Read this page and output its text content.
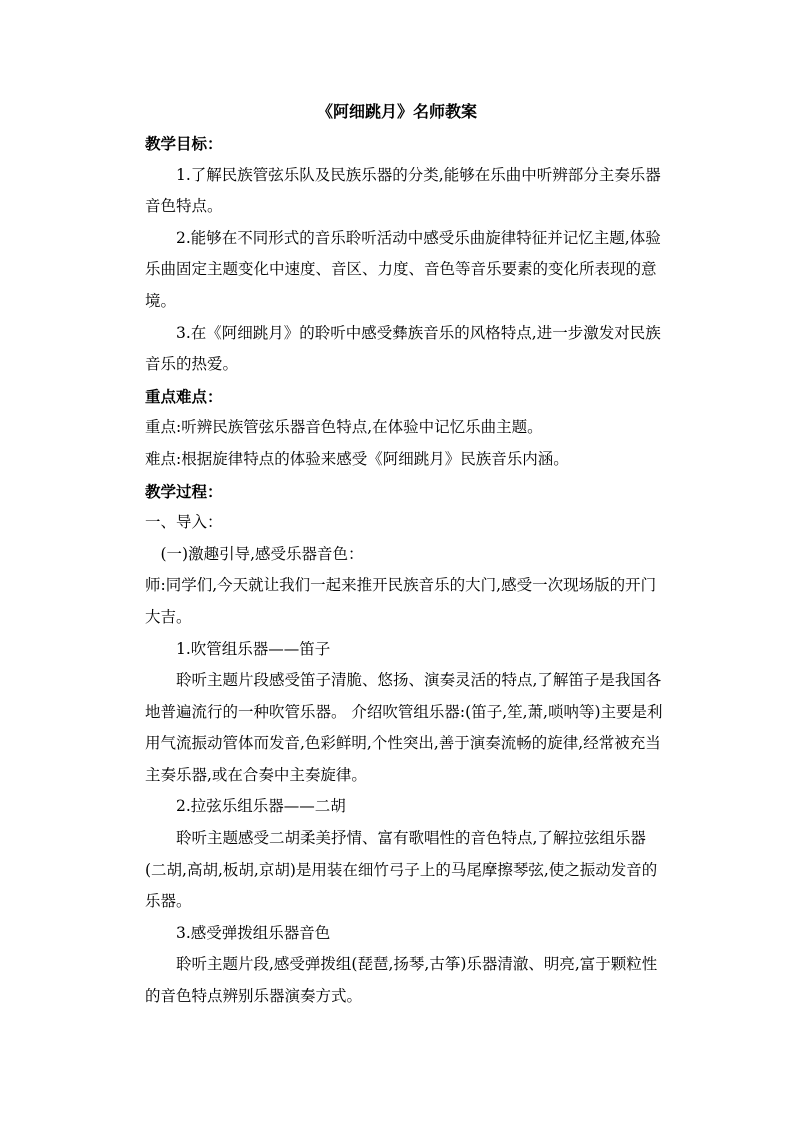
《阿细跳月》名师教案

教学目标：

1.了解民族管弦乐队及民族乐器的分类,能够在乐曲中听辨部分主奏乐器音色特点。

2.能够在不同形式的音乐聆听活动中感受乐曲旋律特征并记忆主题,体验乐曲固定主题变化中速度、音区、力度、音色等音乐要素的变化所表现的意境。

3.在《阿细跳月》的聆听中感受彝族音乐的风格特点,进一步激发对民族音乐的热爱。

重点难点：

重点:听辨民族管弦乐器音色特点,在体验中记忆乐曲主题。

难点:根据旋律特点的体验来感受《阿细跳月》民族音乐内涵。

教学过程：

一、导入：

(一)激趣引导,感受乐器音色：

师:同学们,今天就让我们一起来推开民族音乐的大门,感受一次现场版的开门大吉。

1.吹管组乐器——笛子

聆听主题片段感受笛子清脆、悠扬、演奏灵活的特点,了解笛子是我国各地普遍流行的一种吹管乐器。 介绍吹管组乐器:(笛子,笙,萧,唢呐等)主要是利用气流振动管体而发音,色彩鲜明,个性突出,善于演奏流畅的旋律,经常被充当主奏乐器,或在合奏中主奏旋律。

2.拉弦乐组乐器——二胡

聆听主题感受二胡柔美抒情、富有歌唱性的音色特点,了解拉弦组乐器(二胡,高胡,板胡,京胡)是用装在细竹弓子上的马尾摩擦琴弦,使之振动发音的乐器。

3.感受弹拨组乐器音色

聆听主题片段,感受弹拨组(琵琶,扬琴,古筝)乐器清澈、明亮,富于颗粒性的音色特点辨别乐器演奏方式。
